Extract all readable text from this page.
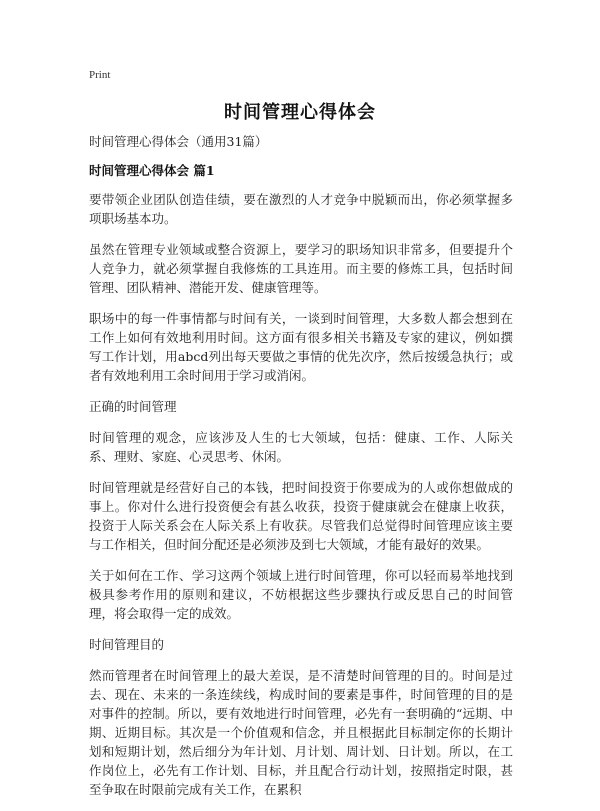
Print
时间管理心得体会

时间管理心得体会（通用31篇）

时间管理心得体会 篇1

要带领企业团队创造佳绩，要在激烈的人才竞争中脱颖而出，你必须掌握多项职场基本功。

虽然在管理专业领域或整合资源上，要学习的职场知识非常多，但要提升个人竞争力，就必须掌握自我修炼的工具连用。而主要的修炼工具，包括时间管理、团队精神、潜能开发、健康管理等。

职场中的每一件事情都与时间有关，一谈到时间管理，大多数人都会想到在工作上如何有效地利用时间。这方面有很多相关书籍及专家的建议，例如撰写工作计划，用abcd列出每天要做之事情的优先次序，然后按缓急执行；或者有效地利用工余时间用于学习或消闲。

正确的时间管理

时间管理的观念，应该涉及人生的七大领域，包括：健康、工作、人际关系、理财、家庭、心灵思考、休闲。

时间管理就是经营好自己的本钱，把时间投资于你要成为的人或你想做成的事上。你对什么进行投资便会有甚么收获，投资于健康就会在健康上收获，投资于人际关系会在人际关系上有收获。尽管我们总觉得时间管理应该主要与工作相关，但时间分配还是必须涉及到七大领域，才能有最好的效果。

关于如何在工作、学习这两个领域上进行时间管理，你可以轻而易举地找到极具参考作用的原则和建议，不妨根据这些步骤执行或反思自己的时间管理，将会取得一定的成效。

时间管理目的

然而管理者在时间管理上的最大差误，是不清楚时间管理的目的。时间是过去、现在、未来的一条连续线，构成时间的要素是事件，时间管理的目的是对事件的控制。所以，要有效地进行时间管理，必先有一套明确的“远期、中期、近期目标。其次是一个价值观和信念，并且根据此目标制定你的长期计划和短期计划，然后细分为年计划、月计划、周计划、日计划。所以，在工作岗位上，必先有工作计划、目标，并且配合行动计划，按照指定时限，甚至争取在时限前完成有关工作，在累积
